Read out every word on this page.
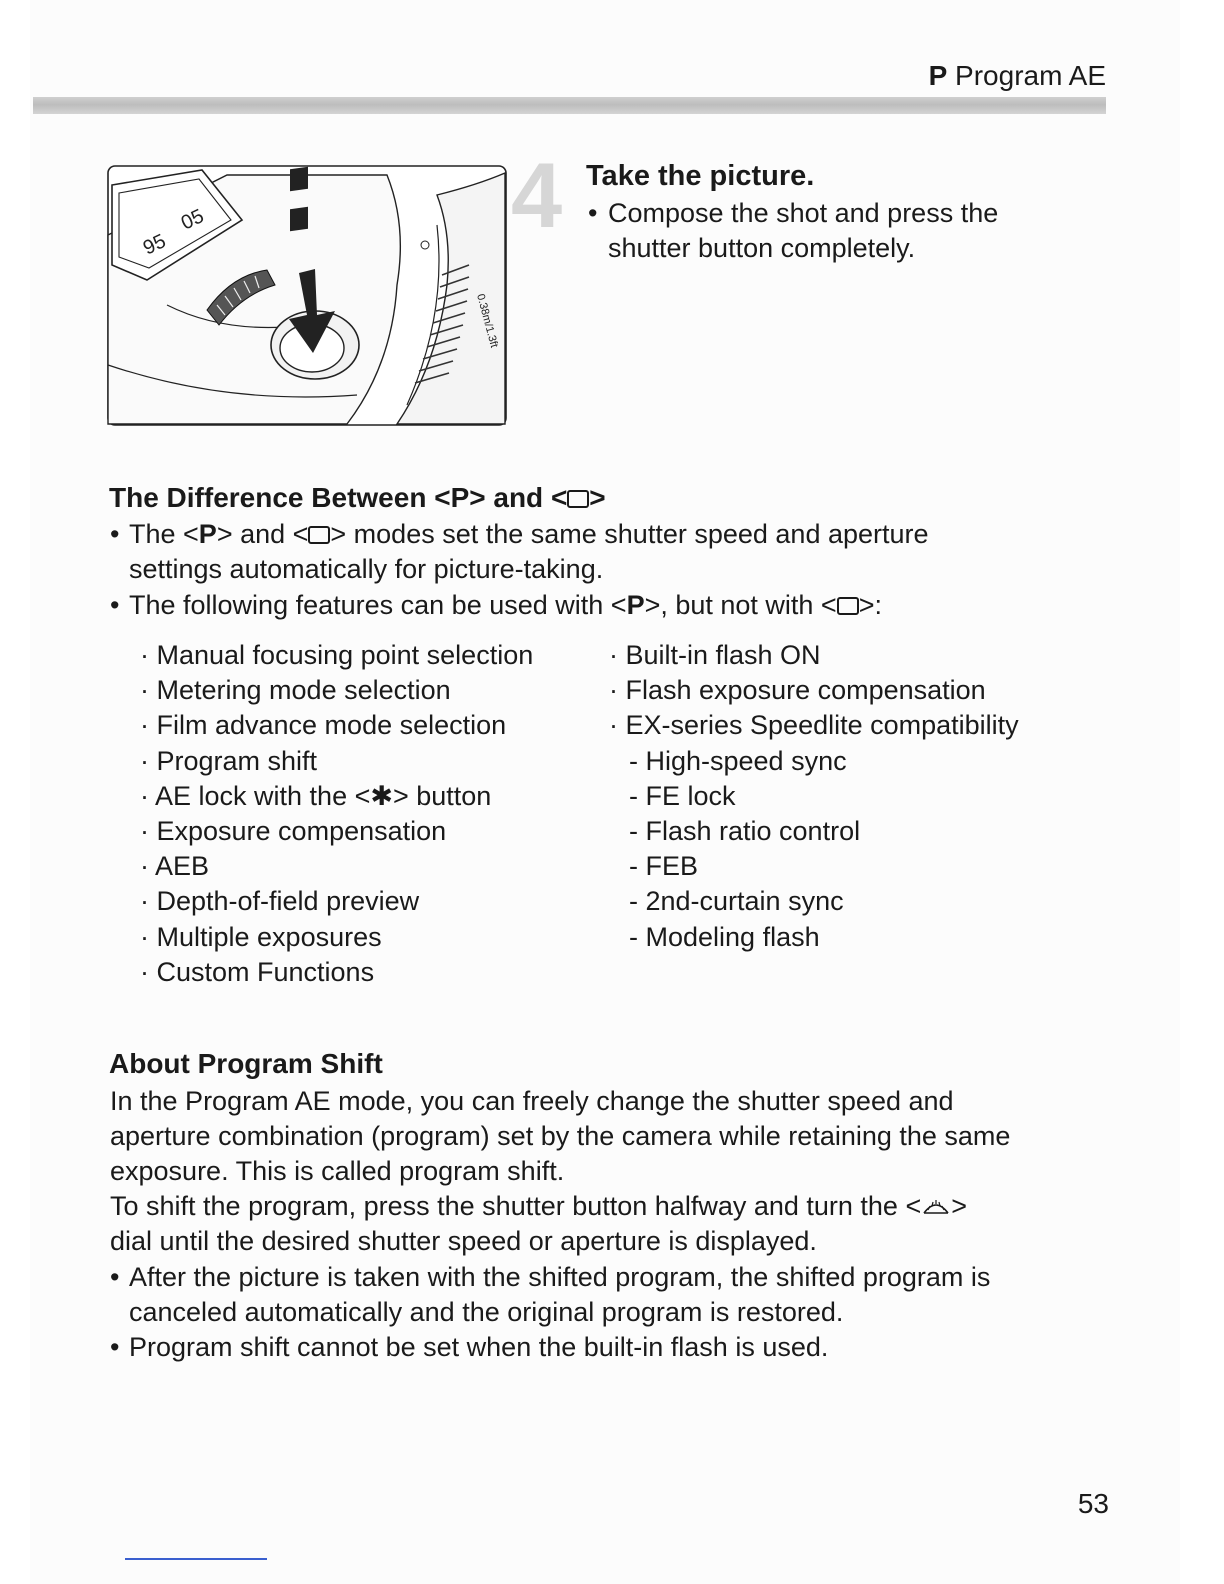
P Program AE
0.38m/1.3ft
95
05	4 Take the picture.
• Compose the shot and press the
shutter button completely.
The Difference Between <P> and < >
• The <P> and < > modes set the same shutter speed and aperture
settings automatically for picture-taking.
• The following features can be used with <P>, but not with < >:
· Manual focusing point selection
· Metering mode selection
· Film advance mode selection
· Program shift
· AE lock with the <✱> button
· Exposure compensation
· AEB
· Depth-of-field preview
· Multiple exposures
· Custom Functions
· Built-in flash ON
· Flash exposure compensation
· EX-series Speedlite compatibility
- High-speed sync
- FE lock
- Flash ratio control
- FEB
- 2nd-curtain sync
- Modeling flash
About Program Shift
In the Program AE mode, you can freely change the shutter speed and
aperture combination (program) set by the camera while retaining the same
exposure. This is called program shift.
To shift the program, press the shutter button halfway and turn the < >
dial until the desired shutter speed or aperture is displayed.
• After the picture is taken with the shifted program, the shifted program is
canceled automatically and the original program is restored.
• Program shift cannot be set when the built-in flash is used.
53
